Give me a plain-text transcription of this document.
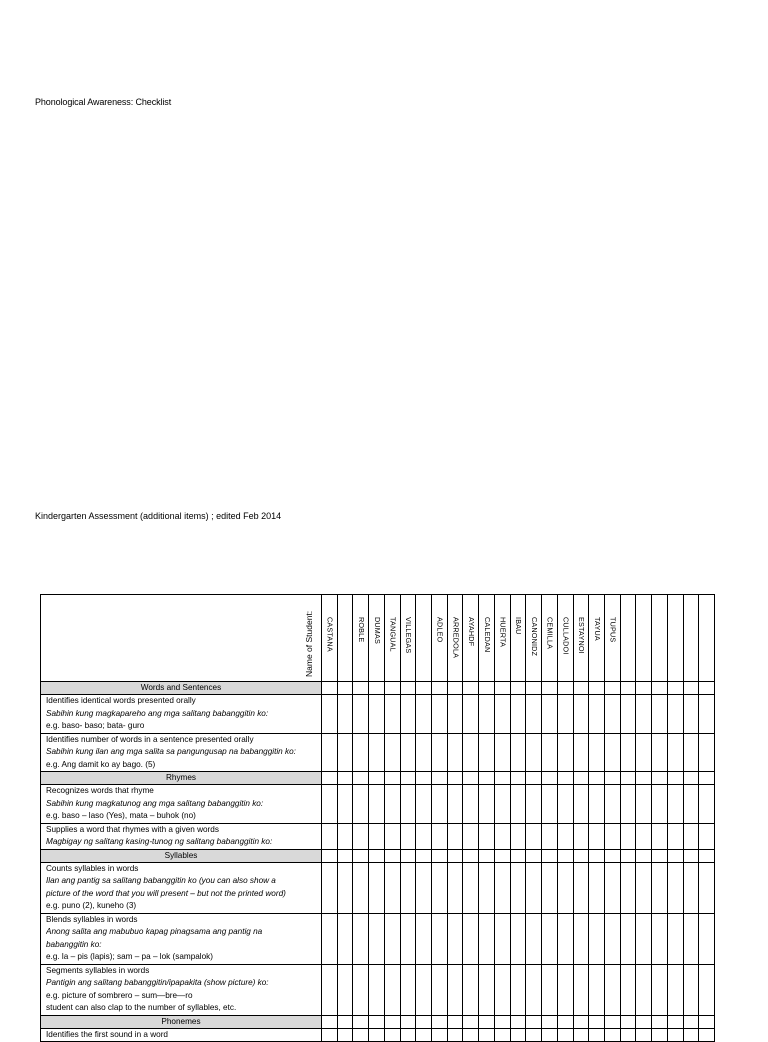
Phonological Awareness: Checklist
Kindergarten Assessment (additional items) ; edited Feb 2014
Name of Student:	CASTANA		ROBLE	DUMAS	TANGUAL	VILLEGAS		ADLEO	ARREDOLA	AYAHDF	CALEDAN	HUERTA	IBAU	CANONIDZ	CEMILLA	CULLADOI	ESTAYNOI	TAYUA	TUPUS						

Words and Sentences																									

Identifies identical words presented orally
Sabihin kung magkapareho ang mga salitang babanggitin ko:
e.g. baso- baso; bata- guro																									

Identifies number of words in a sentence presented orally
Sabihin kung ilan ang mga salita sa pangungusap na babanggitin ko:
e.g. Ang damit ko ay bago. (5)																									

Rhymes																									

Recognizes words that rhyme
Sabihin kung magkatunog ang mga salitang babanggitin ko:
e.g. baso – laso (Yes), mata – buhok (no)																									

Supplies a word that rhymes with a given words
Magbigay ng salitang kasing-tunog ng salitang babanggitin ko:																									

Syllables																									

Counts syllables in words
Ilan ang pantig sa salitang babanggitin ko (you can also show a
picture of the word that you will present – but not the printed word)
e.g. puno (2), kuneho (3)																									

Blends syllables in words
Anong salita ang mabubuo kapag pinagsama ang pantig na
babanggitin ko:
e.g. la – pis (lapis); sam – pa – lok (sampalok)																									

Segments syllables in words
Pantigin ang salitang babanggitin/ipapakita (show picture) ko:
e.g. picture of sombrero – sum—bre—ro
student can also clap to the number of syllables, etc.																									

Phonemes																									

Identifies the first sound in a word																									
